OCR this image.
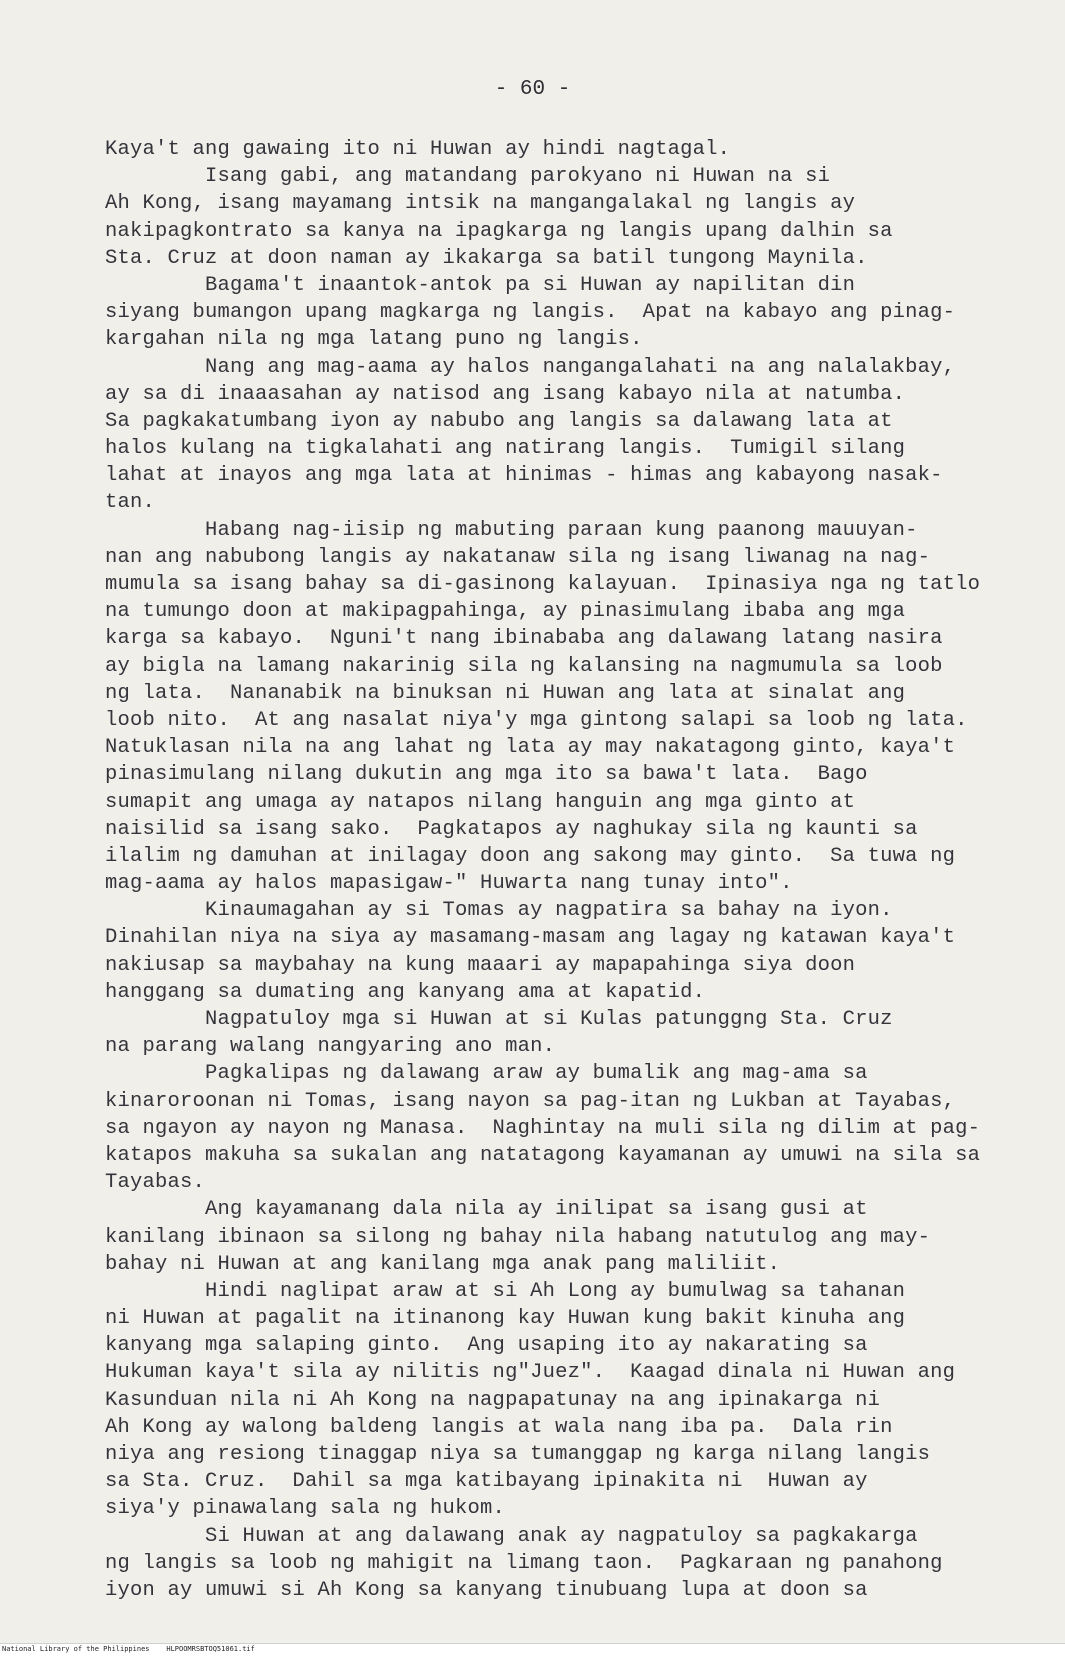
- 60 -
Kaya't ang gawaing ito ni Huwan ay hindi nagtagal.
Isang gabi, ang matandang parokyano ni Huwan na si
Ah Kong, isang mayamang intsik na mangangalakal ng langis ay
nakipagkontrato sa kanya na ipagkarga ng langis upang dalhin sa
Sta. Cruz at doon naman ay ikakarga sa batil tungong Maynila.
Bagama't inaantok-antok pa si Huwan ay napilitan din
siyang bumangon upang magkarga ng langis.  Apat na kabayo ang pinag-
kargahan nila ng mga latang puno ng langis.
Nang ang mag-aama ay halos nangangalahati na ang nalalakbay,
ay sa di inaaasahan ay natisod ang isang kabayo nila at natumba.
Sa pagkakatumbang iyon ay nabubo ang langis sa dalawang lata at
halos kulang na tigkalahati ang natirang langis.  Tumigil silang
lahat at inayos ang mga lata at hinimas - himas ang kabayong nasak-
tan.
Habang nag-iisip ng mabuting paraan kung paanong mauuyan-
nan ang nabubong langis ay nakatanaw sila ng isang liwanag na nag-
mumula sa isang bahay sa di-gasinong kalayuan.  Ipinasiya nga ng tatlo
na tumungo doon at makipagpahinga, ay pinasimulang ibaba ang mga
karga sa kabayo.  Nguni't nang ibinababa ang dalawang latang nasira
ay bigla na lamang nakarinig sila ng kalansing na nagmumula sa loob
ng lata.  Nananabik na binuksan ni Huwan ang lata at sinalat ang
loob nito.  At ang nasalat niya'y mga gintong salapi sa loob ng lata.
Natuklasan nila na ang lahat ng lata ay may nakatagong ginto, kaya't
pinasimulang nilang dukutin ang mga ito sa bawa't lata.  Bago
sumapit ang umaga ay natapos nilang hanguin ang mga ginto at
naisilid sa isang sako.  Pagkatapos ay naghukay sila ng kaunti sa
ilalim ng damuhan at inilagay doon ang sakong may ginto.  Sa tuwa ng
mag-aama ay halos mapasigaw-" Huwarta nang tunay into".
Kinaumagahan ay si Tomas ay nagpatira sa bahay na iyon.
Dinahilan niya na siya ay masamang-masam ang lagay ng katawan kaya't
nakiusap sa maybahay na kung maaari ay mapapahinga siya doon
hanggang sa dumating ang kanyang ama at kapatid.
Nagpatuloy mga si Huwan at si Kulas patunggng Sta. Cruz
na parang walang nangyaring ano man.
Pagkalipas ng dalawang araw ay bumalik ang mag-ama sa
kinaroroonan ni Tomas, isang nayon sa pag-itan ng Lukban at Tayabas,
sa ngayon ay nayon ng Manasa.  Naghintay na muli sila ng dilim at pag-
katapos makuha sa sukalan ang natatagong kayamanan ay umuwi na sila sa
Tayabas.
Ang kayamanang dala nila ay inilipat sa isang gusi at
kanilang ibinaon sa silong ng bahay nila habang natutulog ang may-
bahay ni Huwan at ang kanilang mga anak pang maliliit.
Hindi naglipat araw at si Ah Long ay bumulwag sa tahanan
ni Huwan at pagalit na itinanong kay Huwan kung bakit kinuha ang
kanyang mga salaping ginto.  Ang usaping ito ay nakarating sa
Hukuman kaya't sila ay nilitis ng"Juez".  Kaagad dinala ni Huwan ang
Kasunduan nila ni Ah Kong na nagpapatunay na ang ipinakarga ni
Ah Kong ay walong baldeng langis at wala nang iba pa.  Dala rin
niya ang resiong tinaggap niya sa tumanggap ng karga nilang langis
sa Sta. Cruz.  Dahil sa mga katibayang ipinakita ni  Huwan ay
siya'y pinawalang sala ng hukom.
Si Huwan at ang dalawang anak ay nagpatuloy sa pagkakarga
ng langis sa loob ng mahigit na limang taon.  Pagkaraan ng panahong
iyon ay umuwi si Ah Kong sa kanyang tinubuang lupa at doon sa
National Library of the Philippines    HLPOOMRSBTOQ51061.tif
